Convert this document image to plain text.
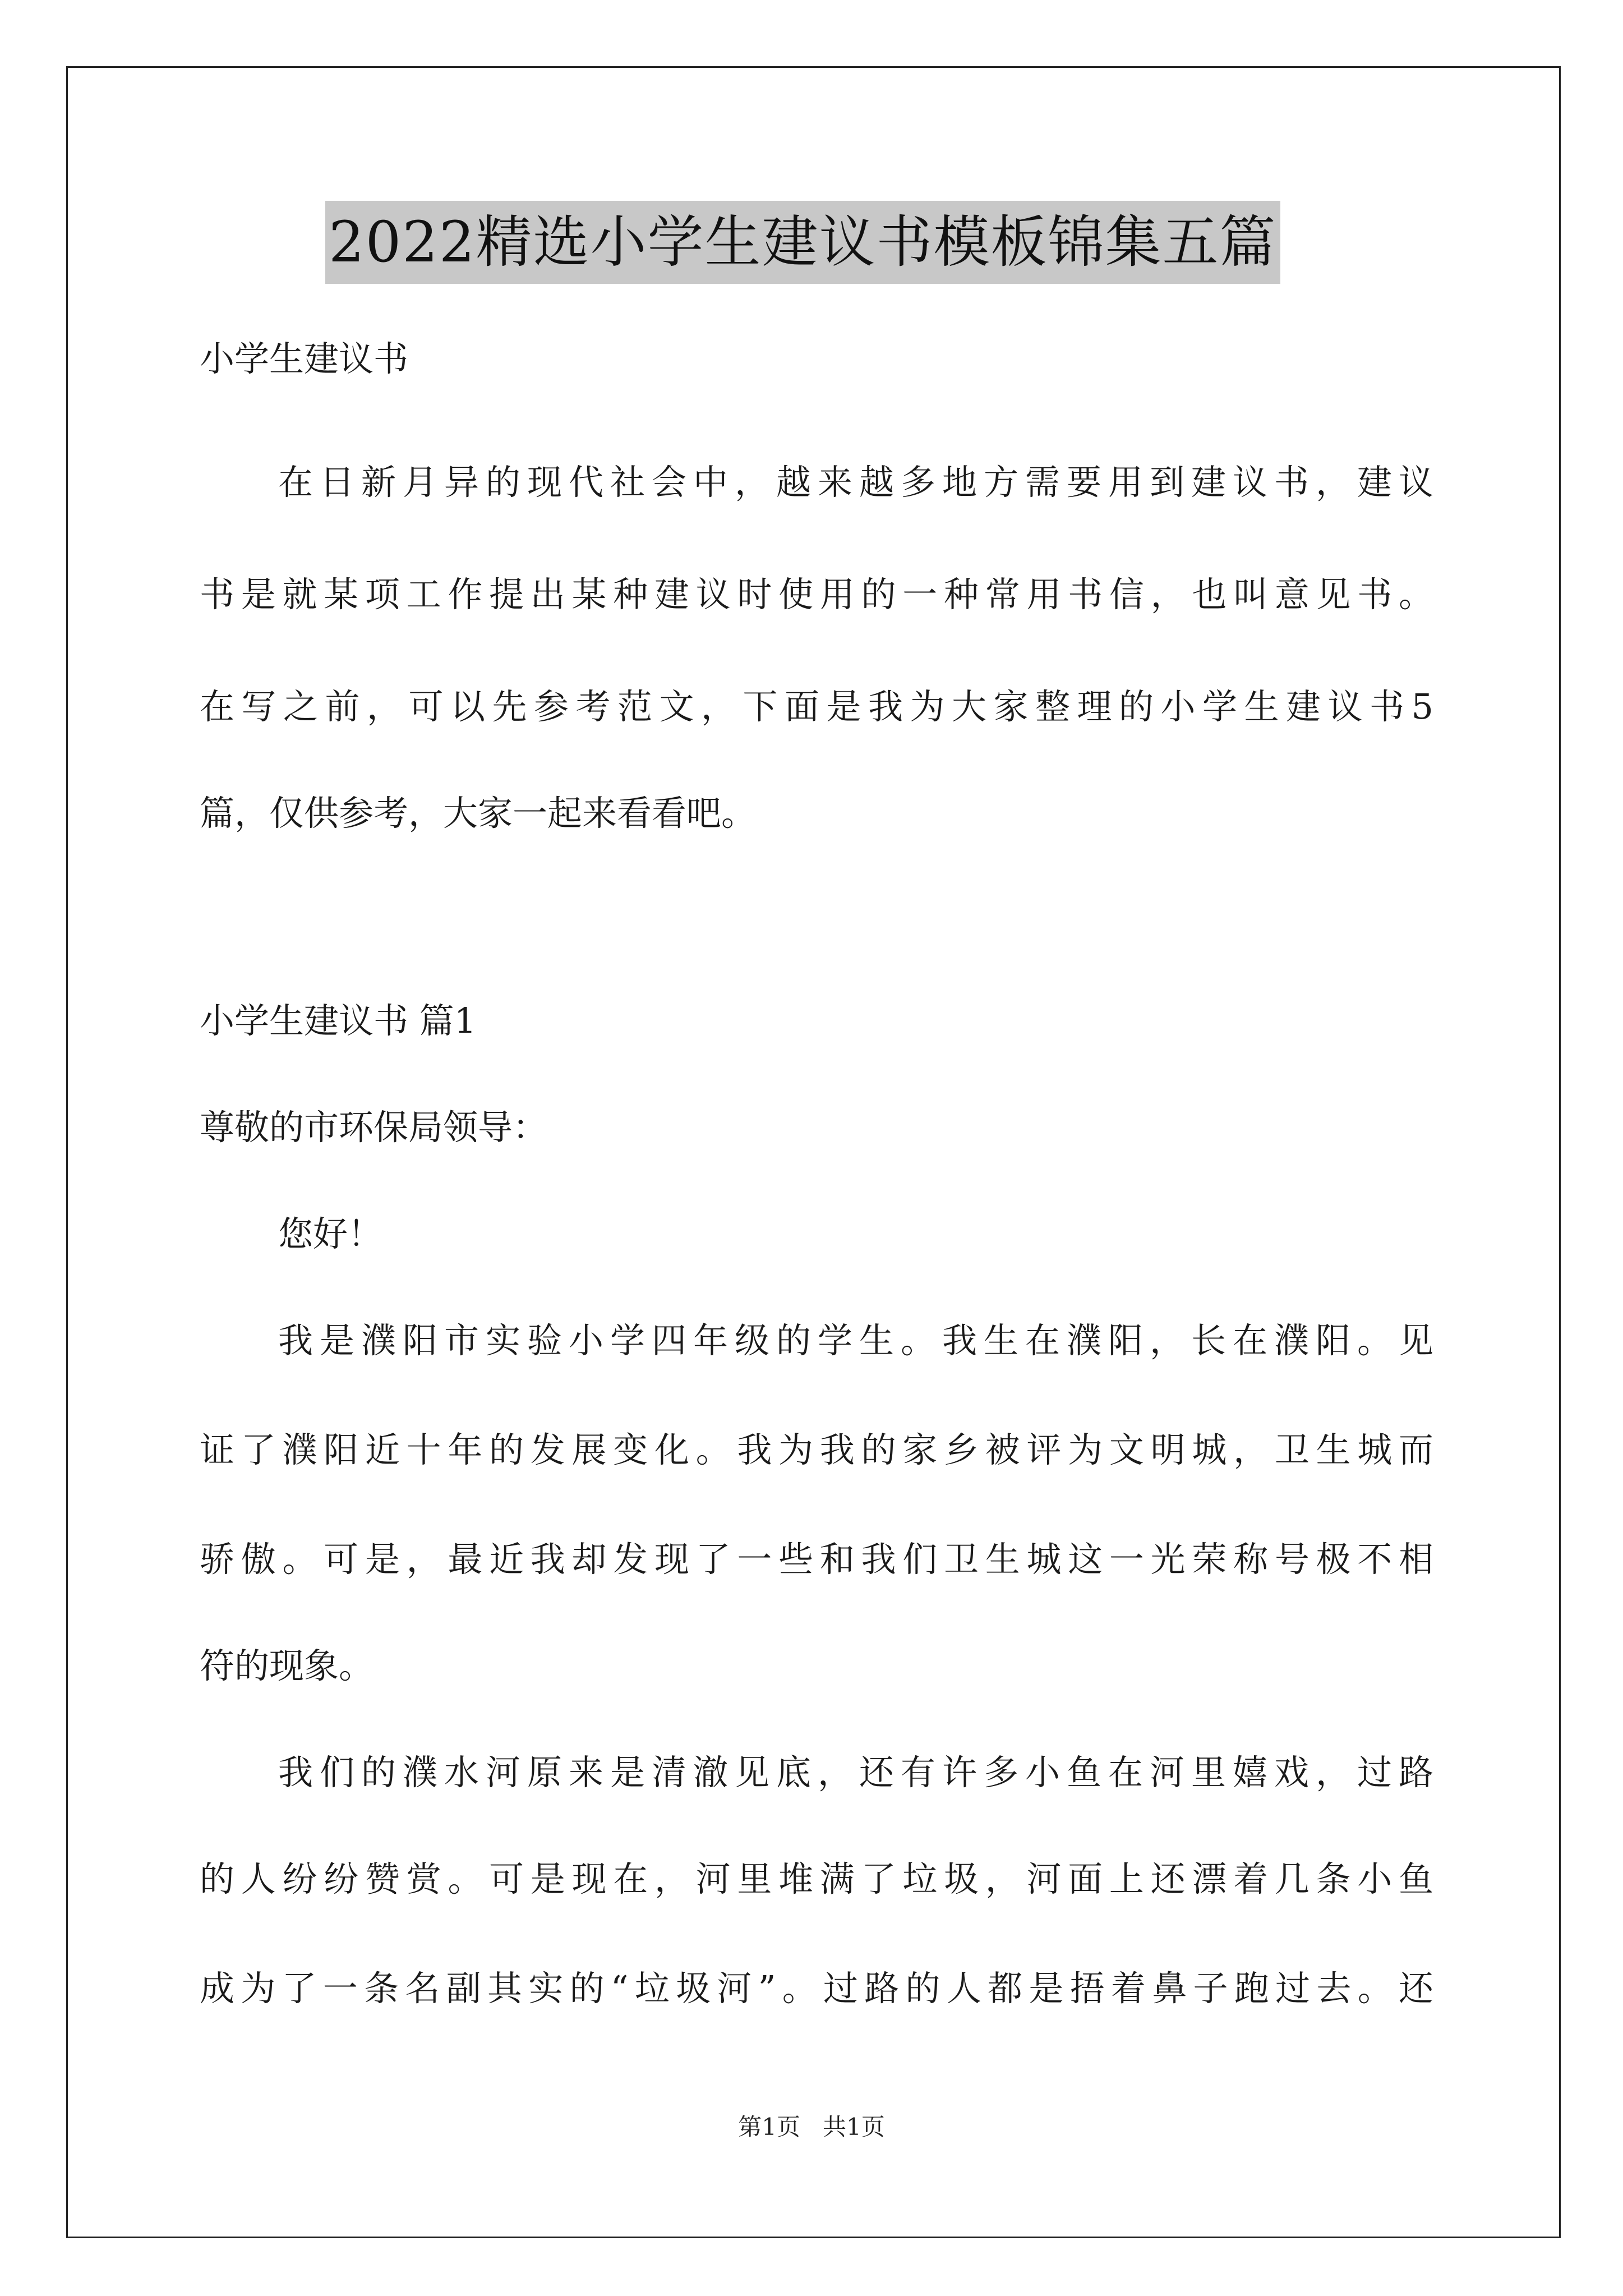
2022精选小学生建议书模板锦集五篇
小学生建议书
在日新月异的现代社会中，越来越多地方需要用到建议书，建议
书是就某项工作提出某种建议时使用的一种常用书信，也叫意见书。
在写之前，可以先参考范文，下面是我为大家整理的小学生建议书5
篇，仅供参考，大家一起来看看吧。
小学生建议书 篇1
尊敬的市环保局领导：
您好！
我是濮阳市实验小学四年级的学生。我生在濮阳，长在濮阳。见
证了濮阳近十年的发展变化。我为我的家乡被评为文明城，卫生城而
骄傲。可是，最近我却发现了一些和我们卫生城这一光荣称号极不相
符的现象。
我们的濮水河原来是清澈见底，还有许多小鱼在河里嬉戏，过路
的人纷纷赞赏。可是现在，河里堆满了垃圾，河面上还漂着几条小鱼
成为了一条名副其实的“垃圾河”。过路的人都是捂着鼻子跑过去。还
第1页   共1页
